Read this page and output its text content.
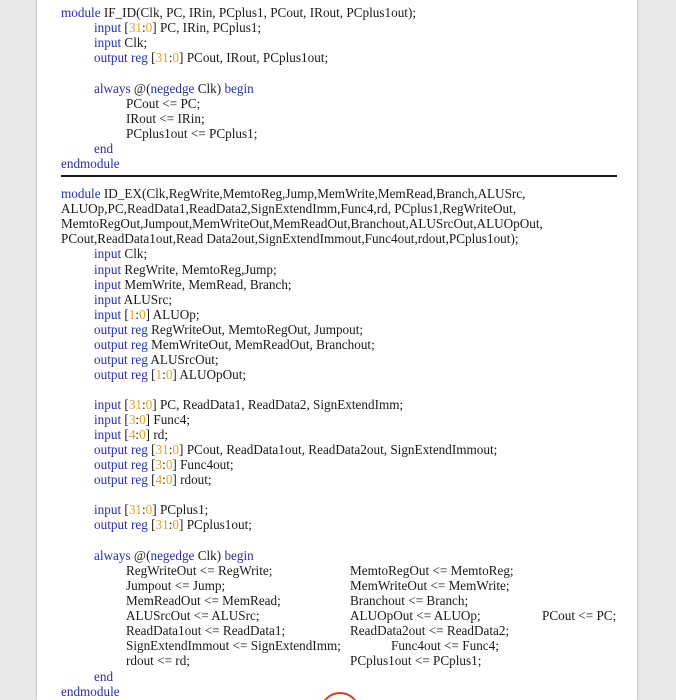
module IF_ID(Clk, PC, IRin, PCplus1, PCout, IRout, PCplus1out);
input [31:0] PC, IRin, PCplus1;
input Clk;
output reg [31:0] PCout, IRout, PCplus1out;
always @(negedge Clk) begin
PCout <= PC;
IRout <= IRin;
PCplus1out <= PCplus1;
end
endmodule
module ID_EX(Clk,RegWrite,MemtoReg,Jump,MemWrite,MemRead,Branch,ALUSrc,
ALUOp,PC,ReadData1,ReadData2,SignExtendImm,Func4,rd, PCplus1,RegWriteOut,
MemtoRegOut,Jumpout,MemWriteOut,MemReadOut,Branchout,ALUSrcOut,ALUOpOut,
PCout,ReadData1out,Read Data2out,SignExtendImmout,Func4out,rdout,PCplus1out);
input Clk;
input RegWrite, MemtoReg,Jump;
input MemWrite, MemRead, Branch;
input ALUSrc;
input [1:0] ALUOp;
output reg RegWriteOut, MemtoRegOut, Jumpout;
output reg MemWriteOut, MemReadOut, Branchout;
output reg ALUSrcOut;
output reg [1:0] ALUOpOut;
input [31:0] PC, ReadData1, ReadData2, SignExtendImm;
input [3:0] Func4;
input [4:0] rd;
output reg [31:0] PCout, ReadData1out, ReadData2out, SignExtendImmout;
output reg [3:0] Func4out;
output reg [4:0] rdout;
input [31:0] PCplus1;
output reg [31:0] PCplus1out;
always @(negedge Clk) begin
RegWriteOut <= RegWrite;	MemtoRegOut <= MemtoReg;
Jumpout <= Jump;	MemWriteOut <= MemWrite;
MemReadOut <= MemRead;	Branchout <= Branch;
ALUSrcOut <= ALUSrc;	ALUOpOut <= ALUOp;	PCout <= PC;
ReadData1out <= ReadData1;	ReadData2out <= ReadData2;
SignExtendImmout <= SignExtendImm;	Func4out <= Func4;
rdout <= rd;	PCplus1out <= PCplus1;
end
endmodule
